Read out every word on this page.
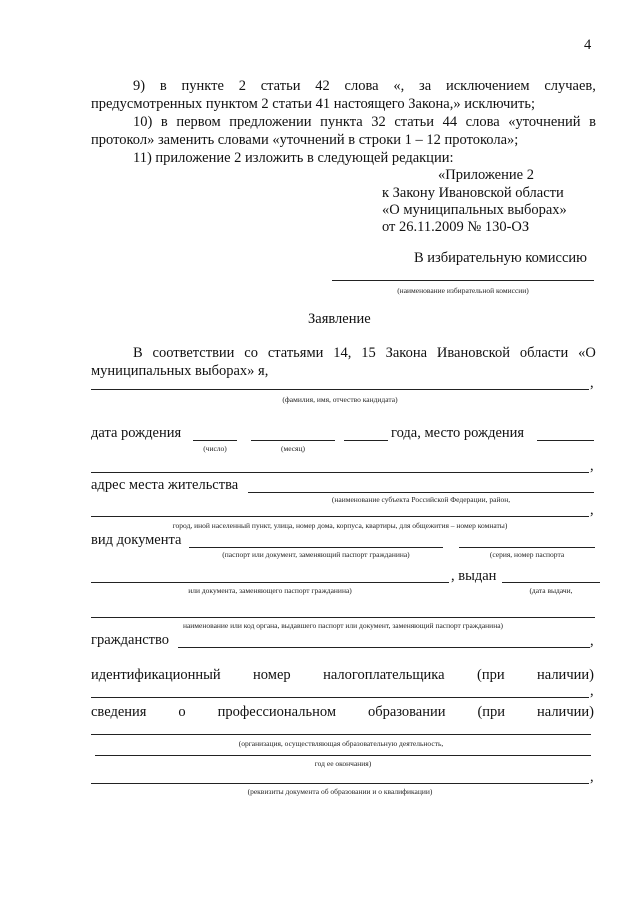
4
9) в пункте 2 статьи 42 слова «, за исключением случаев,
предусмотренных пунктом 2 статьи 41 настоящего Закона,» исключить;
10) в первом предложении пункта 32 статьи 44 слова «уточнений в
протокол» заменить словами «уточнений в строки 1 – 12 протокола»;
11) приложение 2 изложить в следующей редакции:
«Приложение 2
к Закону Ивановской области
«О муниципальных выборах»
от 26.11.2009 № 130-ОЗ
В избирательную комиссию
(наименование избирательной комиссии)
Заявление
В соответствии со статьями 14, 15 Закона Ивановской области «О
муниципальных выборах» я,
,
(фамилия, имя, отчество кандидата)
дата рождения	года, место рождения
(число)	(месяц)
,
адрес места жительства
(наименование субъекта Российской Федерации, район,
,
город, иной населенный пункт, улица, номер дома, корпуса, квартиры, для общежития – номер комнаты)
вид документа
(паспорт или документ, заменяющий паспорт гражданина)	(серия, номер паспорта
, выдан
или документа, заменяющего паспорт гражданина)	(дата выдачи,
наименование или код органа, выдавшего паспорт или документ, заменяющий паспорт гражданина)
гражданство	,
идентификационный номер налогоплательщика (при наличии)
,
сведения о профессиональном образовании (при наличии)
(организация, осуществляющая образовательную деятельность,
год ее окончания)
,
(реквизиты документа об образовании и о квалификации)
